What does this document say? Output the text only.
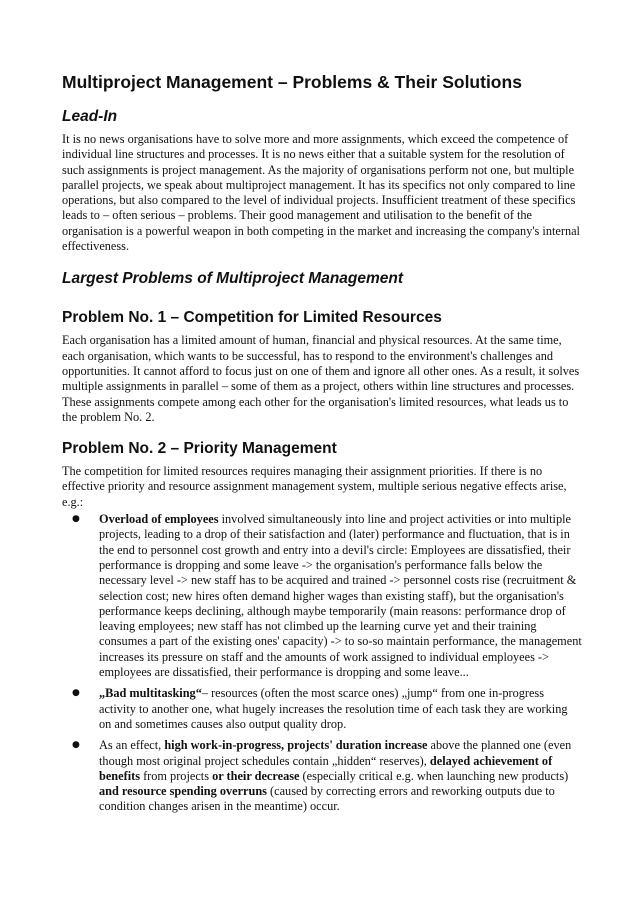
Multiproject Management – Problems & Their Solutions
Lead-In

It is no news organisations have to solve more and more assignments, which exceed the competence of individual line structures and processes. It is no news either that a suitable system for the resolution of such assignments is project management. As the majority of organisations perform not one, but multiple parallel projects, we speak about multiproject management. It has its specifics not only compared to line operations, but also compared to the level of individual projects. Insufficient treatment of these specifics leads to – often serious – problems. Their good management and utilisation to the benefit of the organisation is a powerful weapon in both competing in the market and increasing the company's internal effectiveness.

Largest Problems of Multiproject Management
Problem No. 1 – Competition for Limited Resources

Each organisation has a limited amount of human, financial and physical resources. At the same time, each organisation, which wants to be successful, has to respond to the environment's challenges and opportunities. It cannot afford to focus just on one of them and ignore all other ones. As a result, it solves multiple assignments in parallel – some of them as a project, others within line structures and processes. These assignments compete among each other for the organisation's limited resources, what leads us to the problem No. 2.

Problem No. 2 – Priority Management

The competition for limited resources requires managing their assignment priorities. If there is no effective priority and resource assignment management system, multiple serious negative effects arise, e.g.:

● Overload of employees involved simultaneously into line and project activities or into multiple projects, leading to a drop of their satisfaction and (later) performance and fluctuation, that is in the end to personnel cost growth and entry into a devil's circle: Employees are dissatisfied, their performance is dropping and some leave -> the organisation's performance falls below the necessary level -> new staff has to be acquired and trained -> personnel costs rise (recruitment & selection cost; new hires often demand higher wages than existing staff), but the organisation's performance keeps declining, although maybe temporarily (main reasons: performance drop of leaving employees; new staff has not climbed up the learning curve yet and their training consumes a part of the existing ones' capacity) -> to so-so maintain performance, the management increases its pressure on staff and the amounts of work assigned to individual employees -> employees are dissatisfied, their performance is dropping and some leave...

● „Bad multitasking“– resources (often the most scarce ones) „jump“ from one in-progress activity to another one, what hugely increases the resolution time of each task they are working on and sometimes causes also output quality drop.

● As an effect, high work-in-progress, projects' duration increase above the planned one (even though most original project schedules contain „hidden“ reserves), delayed achievement of benefits from projects or their decrease (especially critical e.g. when launching new products) and resource spending overruns (caused by correcting errors and reworking outputs due to condition changes arisen in the meantime) occur.
